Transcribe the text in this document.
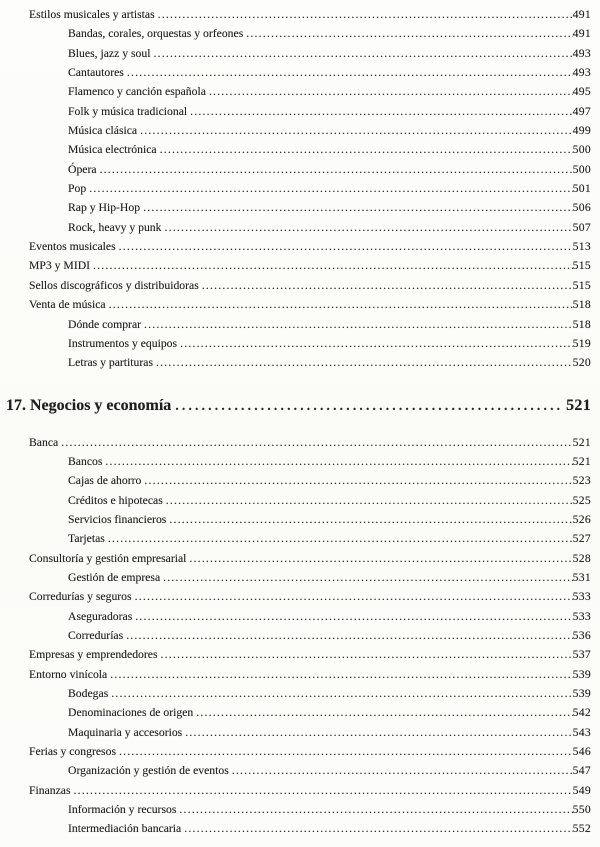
Estilos musicales y artistas .....	491
Bandas, corales, orquestas y orfeones .....	491
Blues, jazz y soul .....	493
Cantautores .....	493
Flamenco y canción española .....	495
Folk y música tradicional .....	497
Música clásica .....	499
Música electrónica .....	500
Ópera .....	500
Pop .....	501
Rap y Hip-Hop .....	506
Rock, heavy y punk .....	507
Eventos musicales .....	513
MP3 y MIDI .....	515
Sellos discográficos y distribuidoras .....	515
Venta de música .....	518
Dónde comprar .....	518
Instrumentos y equipos .....	519
Letras y partituras .....	520
17. Negocios y economía .....	521
Banca .....	521
Bancos .....	521
Cajas de ahorro .....	523
Créditos e hipotecas .....	525
Servicios financieros .....	526
Tarjetas .....	527
Consultoría y gestión empresarial .....	528
Gestión de empresa .....	531
Corredurías y seguros .....	533
Aseguradoras .....	533
Corredurías .....	536
Empresas y emprendedores .....	537
Entorno vinícola .....	539
Bodegas .....	539
Denominaciones de origen .....	542
Maquinaria y accesorios .....	543
Ferias y congresos .....	546
Organización y gestión de eventos .....	547
Finanzas .....	549
Información y recursos .....	550
Intermediación bancaria .....	552
